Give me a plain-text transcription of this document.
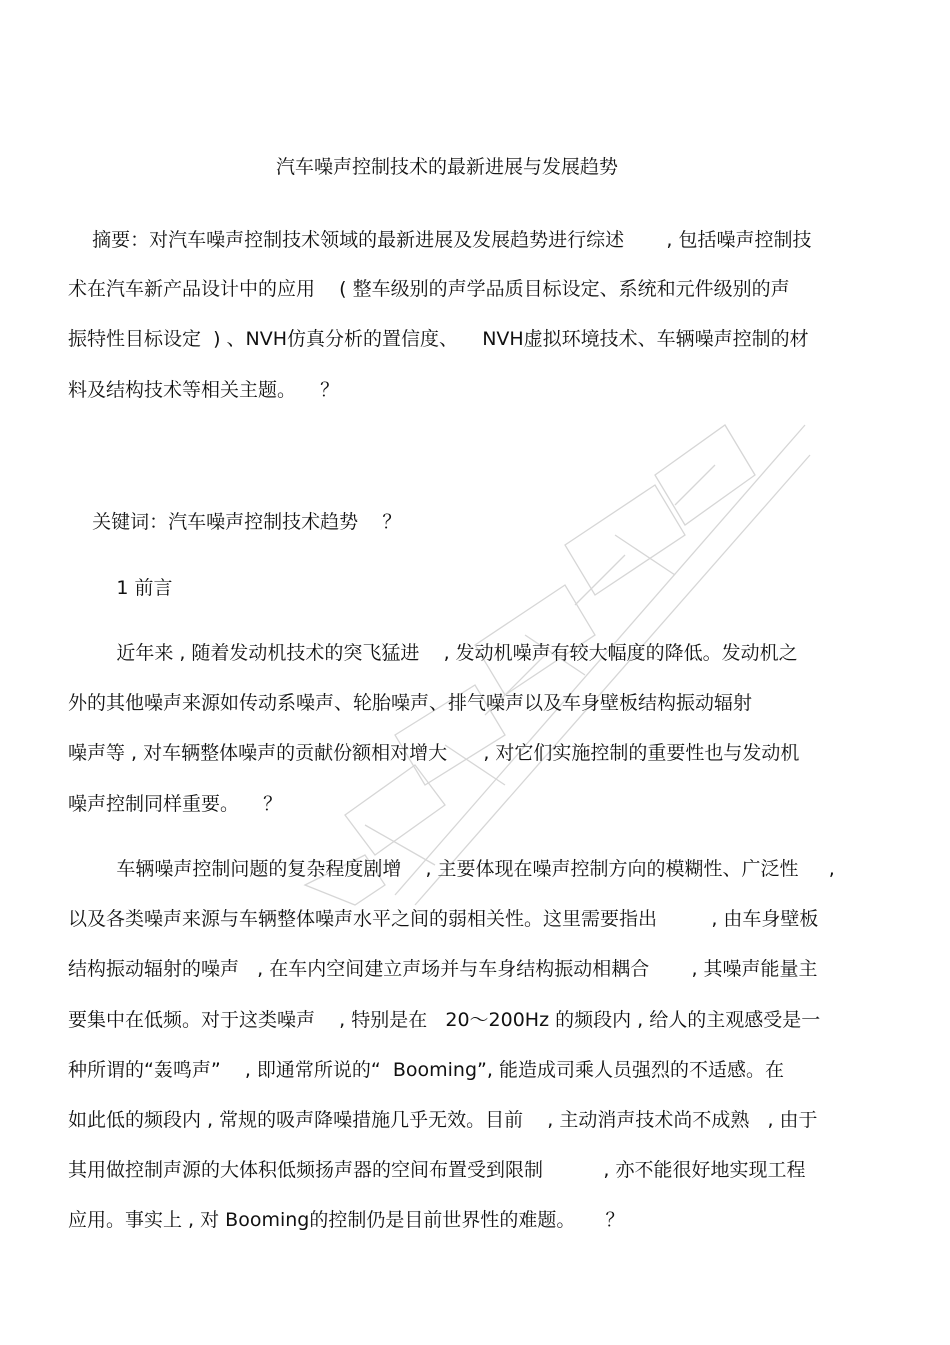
汽车噪声控制技术的最新进展与发展趋势
摘要：对汽车噪声控制技术领域的最新进展及发展趋势进行综述       , 包括噪声控制技
术在汽车新产品设计中的应用    ( 整车级别的声学品质目标设定、系统和元件级别的声
振特性目标设定  ) 、NVH仿真分析的置信度、    NVH虚拟环境技术、车辆噪声控制的材
料及结构技术等相关主题。    ？
关键词：汽车噪声控制技术趋势    ？
1 前言
近年来 , 随着发动机技术的突飞猛进    , 发动机噪声有较大幅度的降低。发动机之
外的其他噪声来源如传动系噪声、轮胎噪声、排气噪声以及车身壁板结构振动辐射
噪声等 , 对车辆整体噪声的贡献份额相对增大      , 对它们实施控制的重要性也与发动机
噪声控制同样重要。    ？
车辆噪声控制问题的复杂程度剧增    , 主要体现在噪声控制方向的模糊性、广泛性     ,
以及各类噪声来源与车辆整体噪声水平之间的弱相关性。这里需要指出         , 由车身壁板
结构振动辐射的噪声   , 在车内空间建立声场并与车身结构振动相耦合       , 其噪声能量主
要集中在低频。对于这类噪声    , 特别是在   20～200Hz 的频段内 , 给人的主观感受是一
种所谓的“轰鸣声”    , 即通常所说的“  Booming”, 能造成司乘人员强烈的不适感。在
如此低的频段内 , 常规的吸声降噪措施几乎无效。目前    , 主动消声技术尚不成熟   , 由于
其用做控制声源的大体积低频扬声器的空间布置受到限制          , 亦不能很好地实现工程
应用。事实上 , 对 Booming的控制仍是目前世界性的难题。     ？
